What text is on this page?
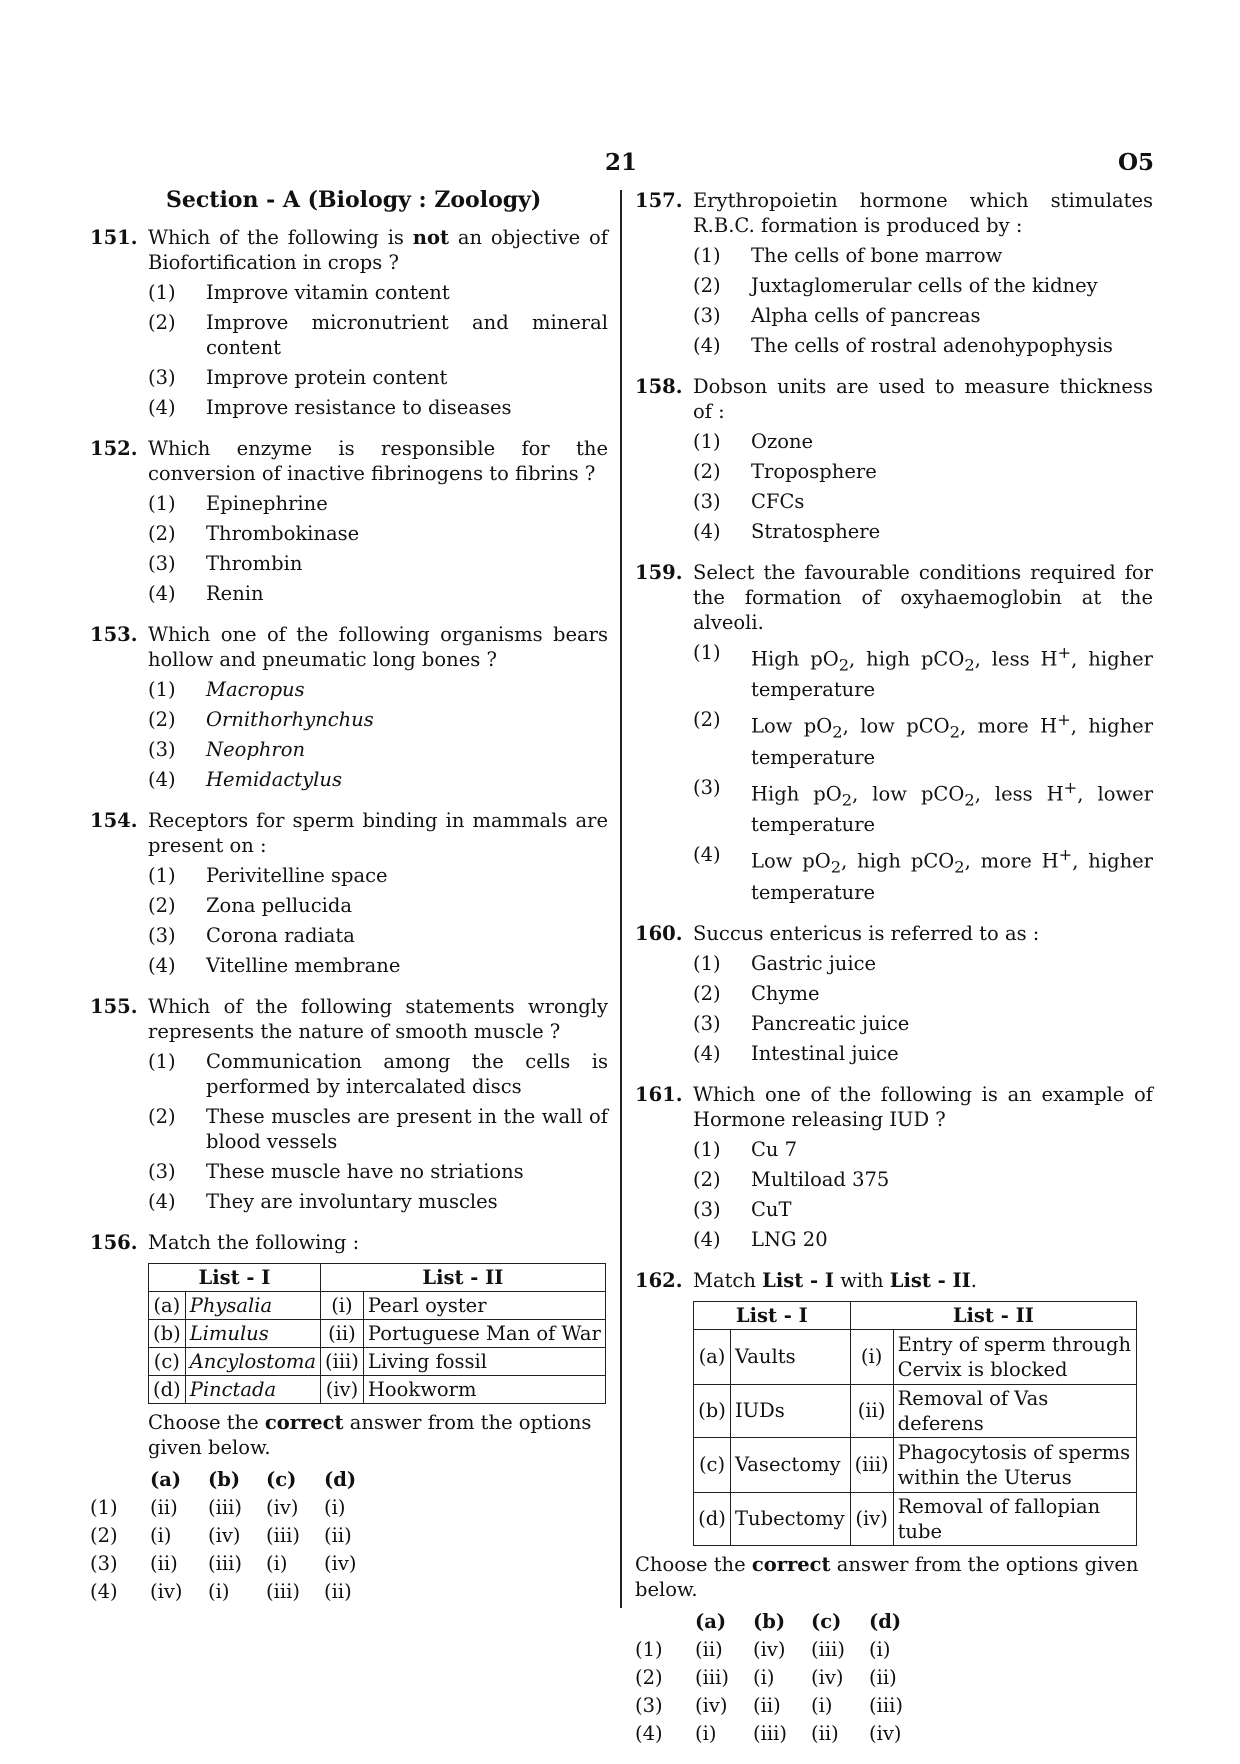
21	O5
Section - A (Biology : Zoology)
151. Which of the following is not an objective of Biofortification in crops ?
(1) Improve vitamin content
(2) Improve micronutrient and mineral content
(3) Improve protein content
(4) Improve resistance to diseases
152. Which enzyme is responsible for the conversion of inactive fibrinogens to fibrins ?
(1) Epinephrine
(2) Thrombokinase
(3) Thrombin
(4) Renin
153. Which one of the following organisms bears hollow and pneumatic long bones ?
(1) Macropus
(2) Ornithorhynchus
(3) Neophron
(4) Hemidactylus
154. Receptors for sperm binding in mammals are present on :
(1) Perivitelline space
(2) Zona pellucida
(3) Corona radiata
(4) Vitelline membrane
155. Which of the following statements wrongly represents the nature of smooth muscle ?
(1) Communication among the cells is performed by intercalated discs
(2) These muscles are present in the wall of blood vessels
(3) These muscle have no striations
(4) They are involuntary muscles
156. Match the following :
List - I		List - II	
(a)	Physalia	(i)	Pearl oyster
(b)	Limulus	(ii)	Portuguese Man of War
(c)	Ancylostoma	(iii)	Living fossil
(d)	Pinctada	(iv)	Hookworm
Choose the correct answer from the options given below.
(a)	(b)	(c)	(d)
(1)	(ii)	(iii)	(iv)	(i)
(2)	(i)	(iv)	(iii)	(ii)
(3)	(ii)	(iii)	(i)	(iv)
(4)	(iv)	(i)	(iii)	(ii)
157. Erythropoietin hormone which stimulates R.B.C. formation is produced by :
(1) The cells of bone marrow
(2) Juxtaglomerular cells of the kidney
(3) Alpha cells of pancreas
(4) The cells of rostral adenohypophysis
158. Dobson units are used to measure thickness of :
(1) Ozone
(2) Troposphere
(3) CFCs
(4) Stratosphere
159. Select the favourable conditions required for the formation of oxyhaemoglobin at the alveoli.
(1) High $pO_2$, high pCO$_2$, less H+, higher temperature
(2) Low $pO_2$, low pCO$_2$, more H+, higher temperature
(3) High $pO_2$, low pCO$_2$, less H+, lower temperature
(4) Low $pO_2$, high pCO$_2$, more H+, higher temperature
160. Succus entericus is referred to as :
(1) Gastric juice
(2) Chyme
(3) Pancreatic juice
(4) Intestinal juice
161. Which one of the following is an example of Hormone releasing IUD ?
(1) Cu 7
(2) Multiload 375
(3) CuT
(4) LNG 20
162. Match List - I with List - II.
List - I		List - II	
(a)	Vaults	(i)	Entry of sperm through Cervix is blocked
(b)	IUDs	(ii)	Removal of Vas deferens
(c)	Vasectomy	(iii)	Phagocytosis of sperms within the Uterus
(d)	Tubectomy	(iv)	Removal of fallopian tube
Choose the correct answer from the options given below.
(a)	(b)	(c)	(d)
(1)	(ii)	(iv)	(iii)	(i)
(2)	(iii)	(i)	(iv)	(ii)
(3)	(iv)	(ii)	(i)	(iii)
(4)	(i)	(iii)	(ii)	(iv)
